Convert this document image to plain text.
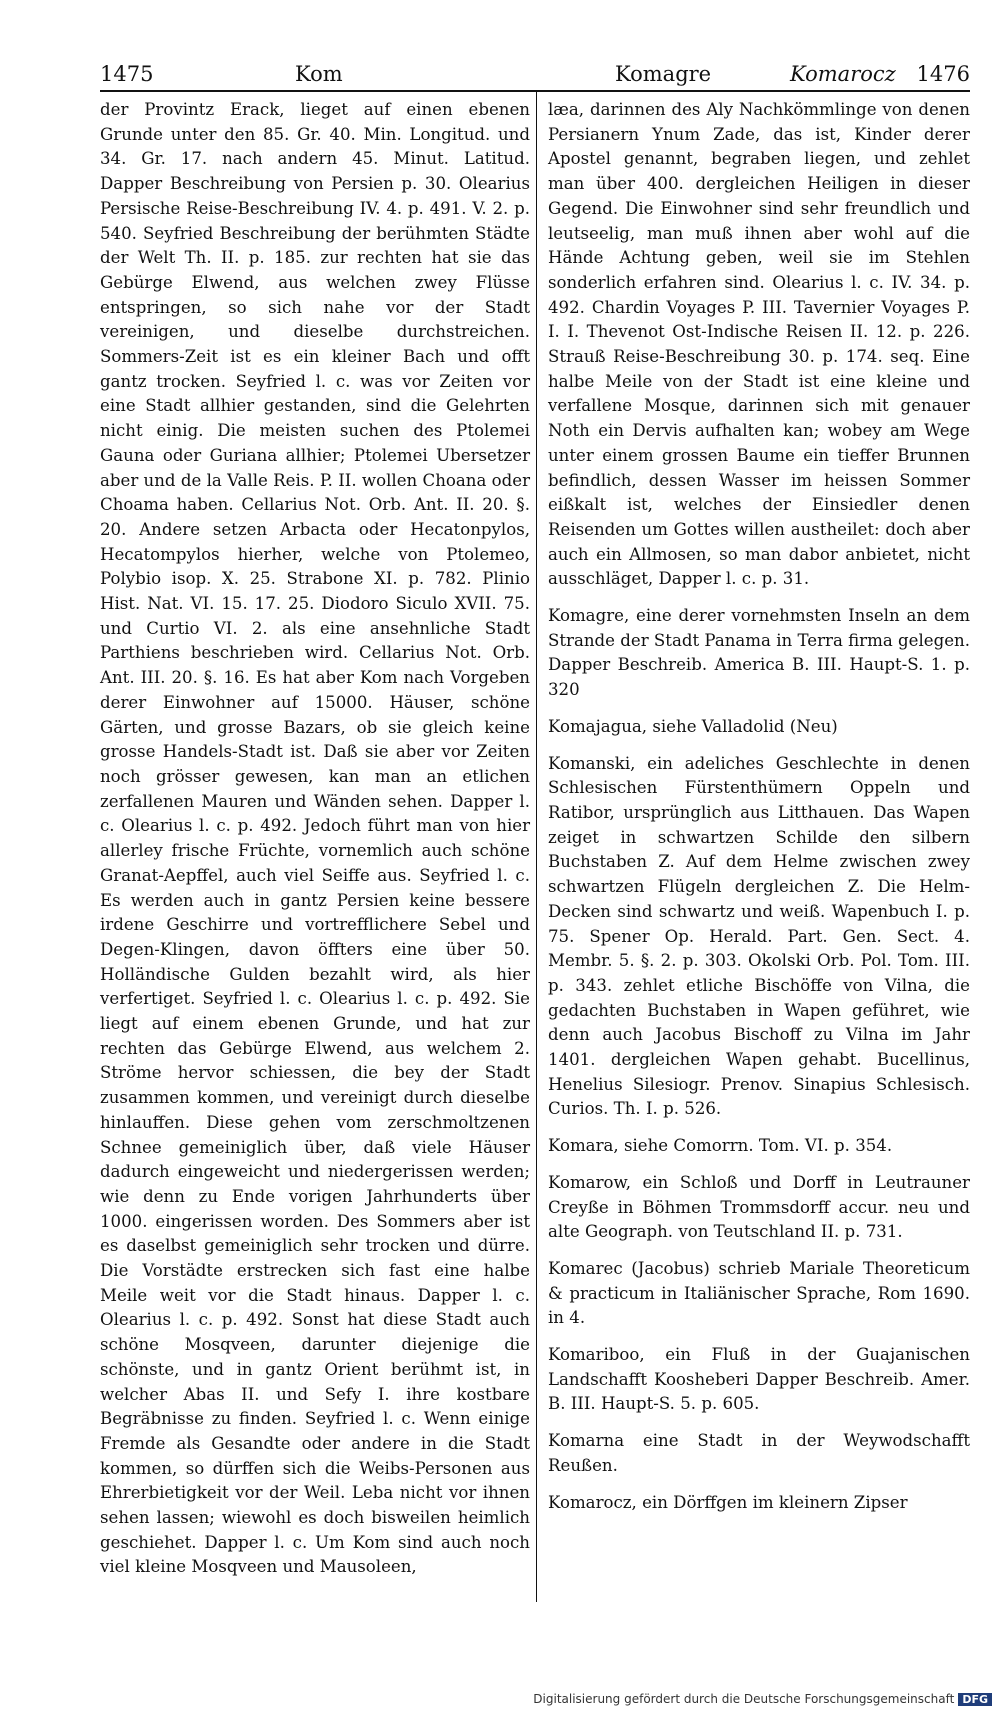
1475	Kom	Komagre	Komarocz 1476

der Provintz Erack, lieget auf einen ebenen Grunde unter den 85. Gr. 40. Min. Longitud. und 34. Gr. 17. nach andern 45. Minut. Latitud. Dapper Beschreibung von Persien p. 30. Olearius Persische Reise-Beschreibung IV. 4. p. 491. V. 2. p. 540. Seyfried Beschreibung der berühmten Städte der Welt Th. II. p. 185. zur rechten hat sie das Gebürge Elwend, aus welchen zwey Flüsse entspringen, so sich nahe vor der Stadt vereinigen, und dieselbe durchstreichen. Sommers-Zeit ist es ein kleiner Bach und offt gantz trocken. Seyfried l. c. was vor Zeiten vor eine Stadt allhier gestanden, sind die Gelehrten nicht einig. Die meisten suchen des Ptolemei Gauna oder Guriana allhier; Ptolemei Ubersetzer aber und de la Valle Reis. P. II. wollen Choana oder Choama haben. Cellarius Not. Orb. Ant. II. 20. §. 20. Andere setzen Arbacta oder Hecatonpylos, Hecatompylos hierher, welche von Ptolemeo, Polybio isop. X. 25. Strabone XI. p. 782. Plinio Hist. Nat. VI. 15. 17. 25. Diodoro Siculo XVII. 75. und Curtio VI. 2. als eine ansehnliche Stadt Parthiens beschrieben wird. Cellarius Not. Orb. Ant. III. 20. §. 16. Es hat aber Kom nach Vorgeben derer Einwohner auf 15000. Häuser, schöne Gärten, und grosse Bazars, ob sie gleich keine grosse Handels-Stadt ist. Daß sie aber vor Zeiten noch grösser gewesen, kan man an etlichen zerfallenen Mauren und Wänden sehen. Dapper l. c. Olearius l. c. p. 492. Jedoch führt man von hier allerley frische Früchte, vornemlich auch schöne Granat-Aepffel, auch viel Seiffe aus. Seyfried l. c. Es werden auch in gantz Persien keine bessere irdene Geschirre und vortrefflichere Sebel und Degen-Klingen, davon öffters eine über 50. Holländische Gulden bezahlt wird, als hier verfertiget. Seyfried l. c. Olearius l. c. p. 492. Sie liegt auf einem ebenen Grunde, und hat zur rechten das Gebürge Elwend, aus welchem 2. Ströme hervor schiessen, die bey der Stadt zusammen kommen, und vereinigt durch dieselbe hinlauffen. Diese gehen vom zerschmoltzenen Schnee gemeiniglich über, daß viele Häuser dadurch eingeweicht und niedergerissen werden; wie denn zu Ende vorigen Jahrhunderts über 1000. eingerissen worden. Des Sommers aber ist es daselbst gemeiniglich sehr trocken und dürre. Die Vorstädte erstrecken sich fast eine halbe Meile weit vor die Stadt hinaus. Dapper l. c. Olearius l. c. p. 492. Sonst hat diese Stadt auch schöne Mosqveen, darunter diejenige die schönste, und in gantz Orient berühmt ist, in welcher Abas II. und Sefy I. ihre kostbare Begräbnisse zu finden. Seyfried l. c. Wenn einige Fremde als Gesandte oder andere in die Stadt kommen, so dürffen sich die Weibs-Personen aus Ehrerbietigkeit vor der Weil. Leba nicht vor ihnen sehen lassen; wiewohl es doch bisweilen heimlich geschiehet. Dapper l. c. Um Kom sind auch noch viel kleine Mosqveen und Mausoleen,

læa, darinnen des Aly Nachkömmlinge von denen Persianern Ynum Zade, das ist, Kinder derer Apostel genannt, begraben liegen, und zehlet man über 400. dergleichen Heiligen in dieser Gegend. Die Einwohner sind sehr freundlich und leutseelig, man muß ihnen aber wohl auf die Hände Achtung geben, weil sie im Stehlen sonderlich erfahren sind. Olearius l. c. IV. 34. p. 492. Chardin Voyages P. III. Tavernier Voyages P. I. I. Thevenot Ost-Indische Reisen II. 12. p. 226. Strauß Reise-Beschreibung 30. p. 174. seq. Eine halbe Meile von der Stadt ist eine kleine und verfallene Mosque, darinnen sich mit genauer Noth ein Dervis aufhalten kan; wobey am Wege unter einem grossen Baume ein tieffer Brunnen befindlich, dessen Wasser im heissen Sommer eißkalt ist, welches der Einsiedler denen Reisenden um Gottes willen austheilet: doch aber auch ein Allmosen, so man dabor anbietet, nicht ausschläget, Dapper l. c. p. 31.

Komagre, eine derer vornehmsten Inseln an dem Strande der Stadt Panama in Terra firma gelegen. Dapper Beschreib. America B. III. Haupt-S. 1. p. 320

Komajagua, siehe Valladolid (Neu)

Komanski, ein adeliches Geschlechte in denen Schlesischen Fürstenthümern Oppeln und Ratibor, ursprünglich aus Litthauen. Das Wapen zeiget in schwartzen Schilde den silbern Buchstaben Z. Auf dem Helme zwischen zwey schwartzen Flügeln dergleichen Z. Die Helm-Decken sind schwartz und weiß. Wapenbuch I. p. 75. Spener Op. Herald. Part. Gen. Sect. 4. Membr. 5. §. 2. p. 303. Okolski Orb. Pol. Tom. III. p. 343. zehlet etliche Bischöffe von Vilna, die gedachten Buchstaben in Wapen geführet, wie denn auch Jacobus Bischoff zu Vilna im Jahr 1401. dergleichen Wapen gehabt. Bucellinus, Henelius Silesiogr. Prenov. Sinapius Schlesisch. Curios. Th. I. p. 526.

Komara, siehe Comorrn. Tom. VI. p. 354.

Komarow, ein Schloß und Dorff in Leutrauner Creyße in Böhmen Trommsdorff accur. neu und alte Geograph. von Teutschland II. p. 731.

Komarec (Jacobus) schrieb Mariale Theoreticum & practicum in Italiänischer Sprache, Rom 1690. in 4.

Komariboo, ein Fluß in der Guajanischen Landschafft Koosheberi Dapper Beschreib. Amer. B. III. Haupt-S. 5. p. 605.

Komarna eine Stadt in der Weywodschafft Reußen.

Komarocz, ein Dörffgen im kleinern Zipser

Digitalisierung gefördert durch die Deutsche Forschungsgemeinschaft DFG
